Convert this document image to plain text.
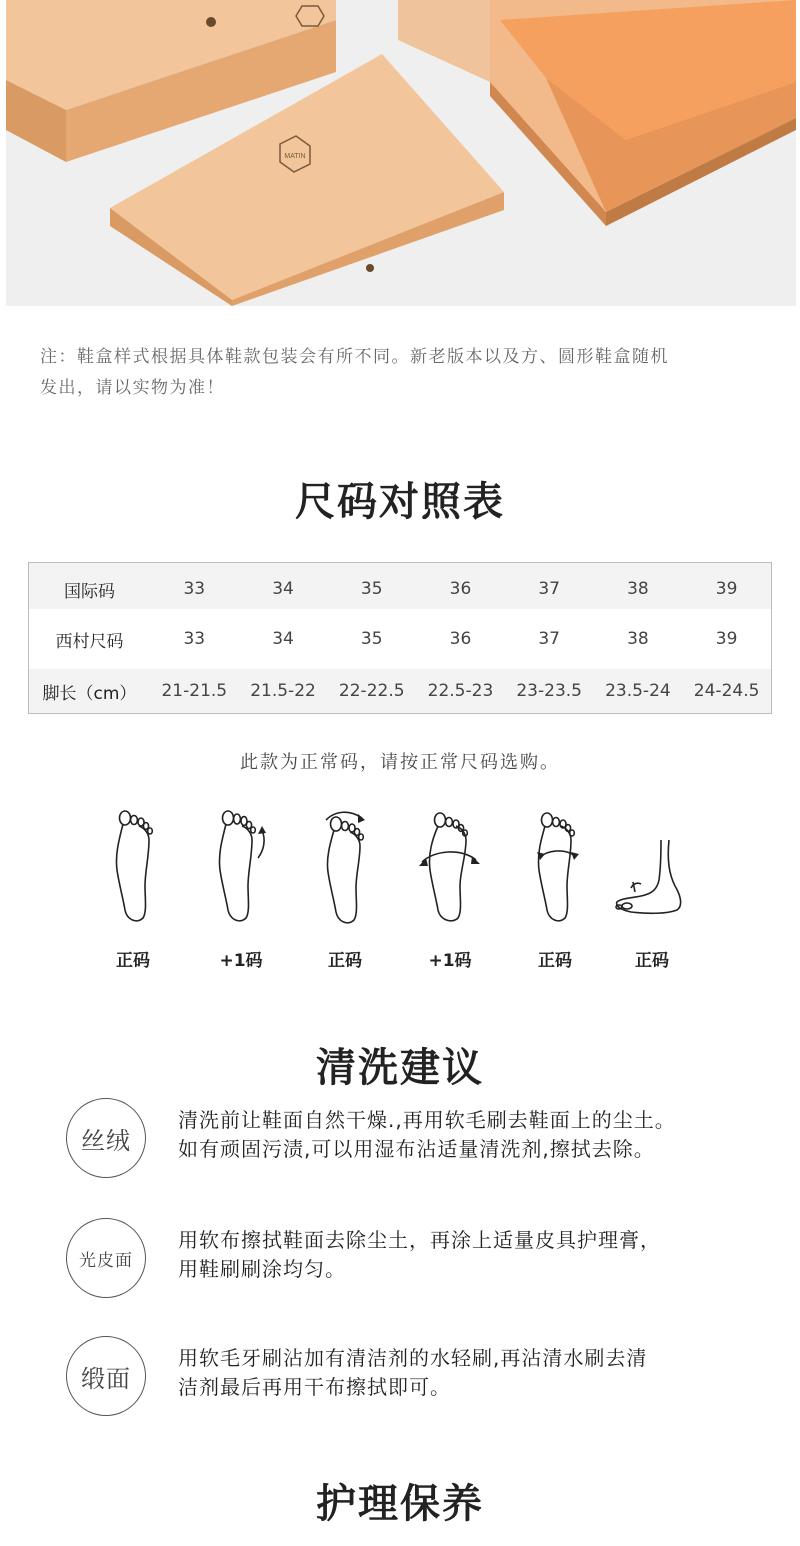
MATIN
注：鞋盒样式根据具体鞋款包装会有所不同。新老版本以及方、圆形鞋盒随机
发出，请以实物为准！
尺码对照表
国际码	33	34	35	36	37	38	39
西村尺码	33	34	35	36	37	38	39
脚长（cm）	21-21.5	21.5-22	22-22.5	22.5-23	23-23.5	23.5-24	24-24.5
此款为正常码，请按正常尺码选购。
正码	+1码	正码	+1码	正码	正码
清洗建议
丝绒
清洗前让鞋面自然干燥.,再用软毛刷去鞋面上的尘土。
如有顽固污渍,可以用湿布沾适量清洗剂,擦拭去除。
光皮面
用软布擦拭鞋面去除尘土，再涂上适量皮具护理膏，
用鞋刷刷涂均匀。
缎面
用软毛牙刷沾加有清洁剂的水轻刷,再沾清水刷去清
洁剂最后再用干布擦拭即可。
护理保养
